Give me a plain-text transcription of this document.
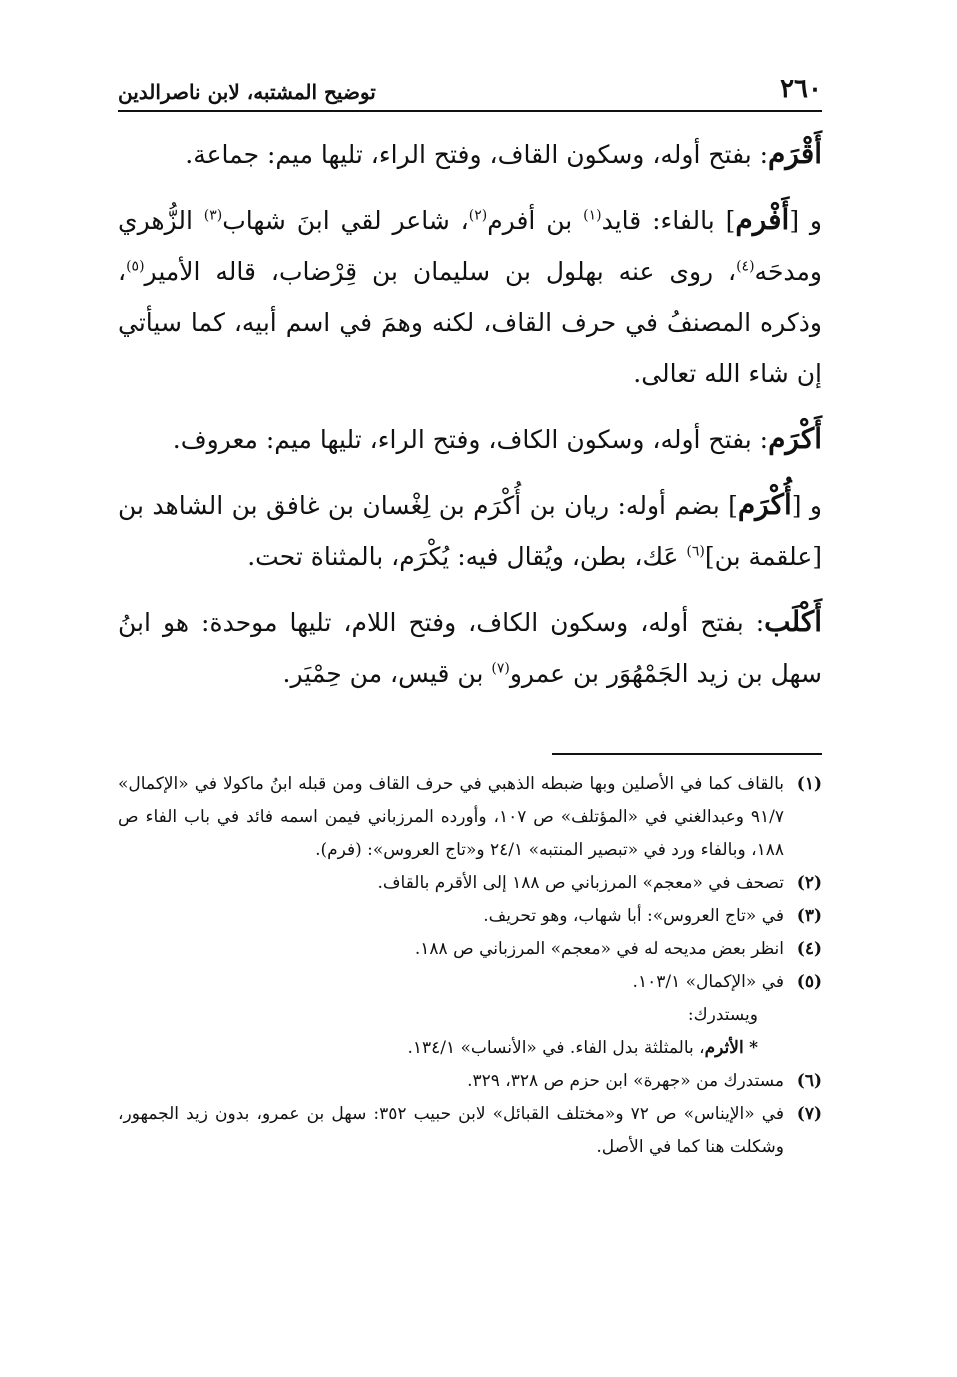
٢٦٠
توضيح المشتبه، لابن ناصرالدين

أَقْرَم: بفتح أوله، وسكون القاف، وفتح الراء، تليها ميم: جماعة.

و [أَفْرم] بالفاء: قايد$^{(١)}$ بن أفرم$^{(٢)}$، شاعر لقي ابنَ شهاب$^{(٣)}$ الزُّهري ومدحَه$^{(٤)}$، روى عنه بهلول بن سليمان بن قِرْضاب، قاله الأمير$^{(٥)}$، وذكره المصنفُ في حرف القاف، لكنه وهمَ في اسم أبيه، كما سيأتي إن شاء الله تعالى.

أَكْرَم: بفتح أوله، وسكون الكاف، وفتح الراء، تليها ميم: معروف.

و [أُكْرَم] بضم أوله: ريان بن أُكْرَم بن لِغْسان بن غافق بن الشاهد بن [علقمة بن]$^{(٦)}$ عَك، بطن، ويُقال فيه: يُكْرَم، بالمثناة تحت.

أَكْلَب: بفتح أوله، وسكون الكاف، وفتح اللام، تليها موحدة: هو ابنُ سهل بن زيد الجَمْهُوَر بن عمرو$^{(٧)}$ بن قيس، من حِمْيَر.

(١)
بالقاف كما في الأصلين وبها ضبطه الذهبي في حرف القاف ومن قبله ابنُ ماكولا في «الإكمال» ٩١/٧ وعبدالغني في «المؤتلف» ص ١٠٧، وأورده المرزباني فيمن اسمه فائد في باب الفاء ص ١٨٨، وبالفاء ورد في «تبصير المنتبه» ٢٤/١ و«تاج العروس»: (فرم).
(٢)
تصحف في «معجم» المرزباني ص ١٨٨ إلى الأقرم بالقاف.
(٣)
في «تاج العروس»: أبا شهاب، وهو تحريف.
(٤)
انظر بعض مديحه له في «معجم» المرزباني ص ١٨٨.
(٥)
في «الإكمال» ١٠٣/١.
ويستدرك:
* الأثرم، بالمثلثة بدل الفاء. في «الأنساب» ١٣٤/١.
(٦)
مستدرك من «جهرة» ابن حزم ص ٣٢٨، ٣٢٩.
(٧)
في «الإيناس» ص ٧٢ و«مختلف القبائل» لابن حبيب ٣٥٢: سهل بن عمرو، بدون زيد الجمهور، وشكلت هنا كما في الأصل.
